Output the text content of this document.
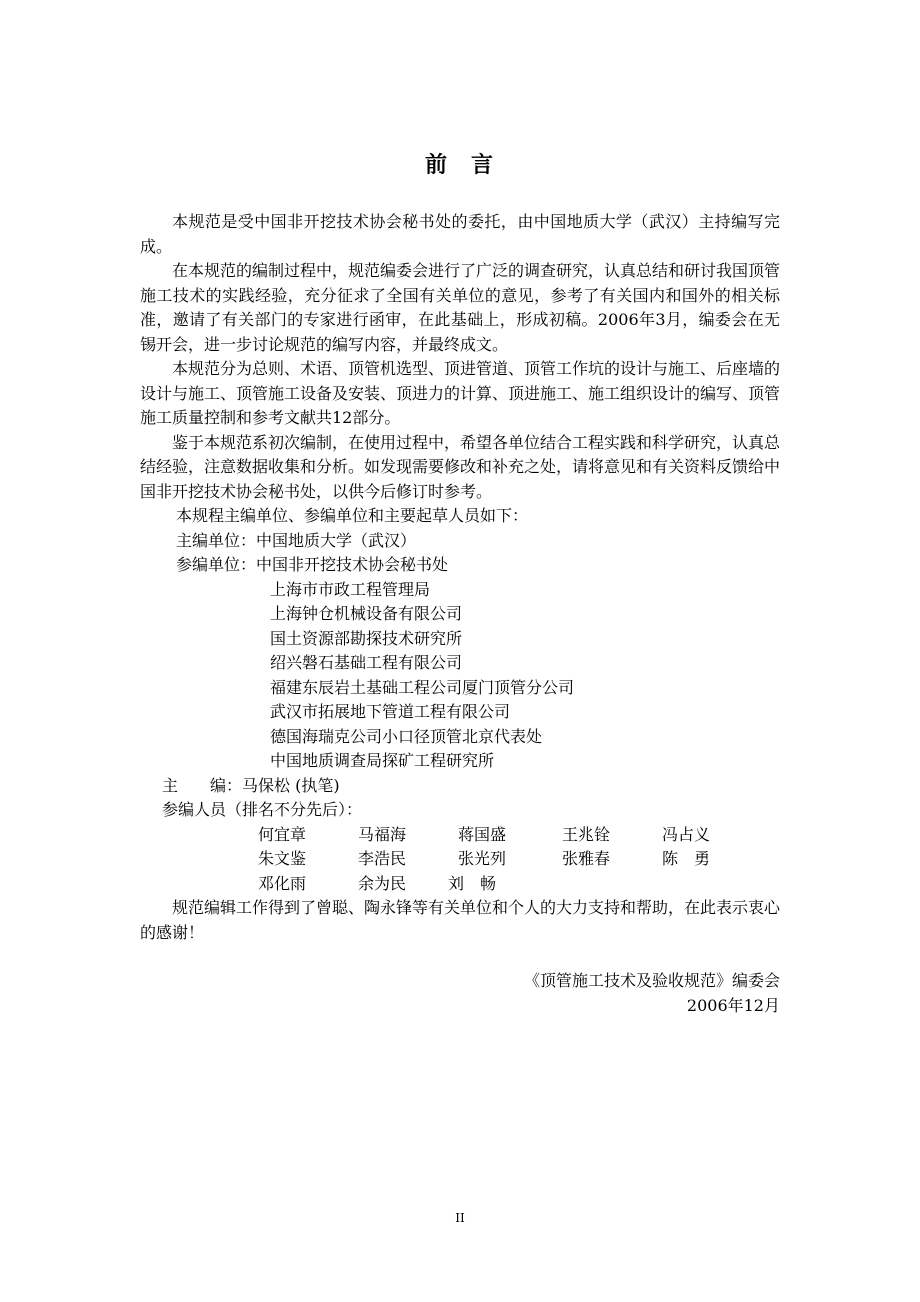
前 言

本规范是受中国非开挖技术协会秘书处的委托，由中国地质大学（武汉）主持编写完成。

在本规范的编制过程中，规范编委会进行了广泛的调查研究，认真总结和研讨我国顶管施工技术的实践经验，充分征求了全国有关单位的意见，参考了有关国内和国外的相关标准，邀请了有关部门的专家进行函审，在此基础上，形成初稿。2006年3月，编委会在无锡开会，进一步讨论规范的编写内容，并最终成文。

本规范分为总则、术语、顶管机选型、顶进管道、顶管工作坑的设计与施工、后座墙的设计与施工、顶管施工设备及安装、顶进力的计算、顶进施工、施工组织设计的编写、顶管施工质量控制和参考文献共12部分。

鉴于本规范系初次编制，在使用过程中，希望各单位结合工程实践和科学研究，认真总结经验，注意数据收集和分析。如发现需要修改和补充之处，请将意见和有关资料反馈给中国非开挖技术协会秘书处，以供今后修订时参考。

本规程主编单位、参编单位和主要起草人员如下：

主编单位：中国地质大学（武汉）

参编单位：中国非开挖技术协会秘书处

上海市市政工程管理局

上海钟仓机械设备有限公司

国土资源部勘探技术研究所

绍兴磐石基础工程有限公司

福建东辰岩土基础工程公司厦门顶管分公司

武汉市拓展地下管道工程有限公司

德国海瑞克公司小口径顶管北京代表处

中国地质调查局探矿工程研究所

主　　编：马保松 (执笔)

参编人员（排名不分先后）：

何宜章	马福海	蒋国盛	王兆铨	冯占义
朱文鉴	李浩民	张光列	张雅春	陈　勇
邓化雨	余为民	刘　畅

规范编辑工作得到了曾聪、陶永锋等有关单位和个人的大力支持和帮助，在此表示衷心的感谢！

《顶管施工技术及验收规范》编委会
2006年12月
II
